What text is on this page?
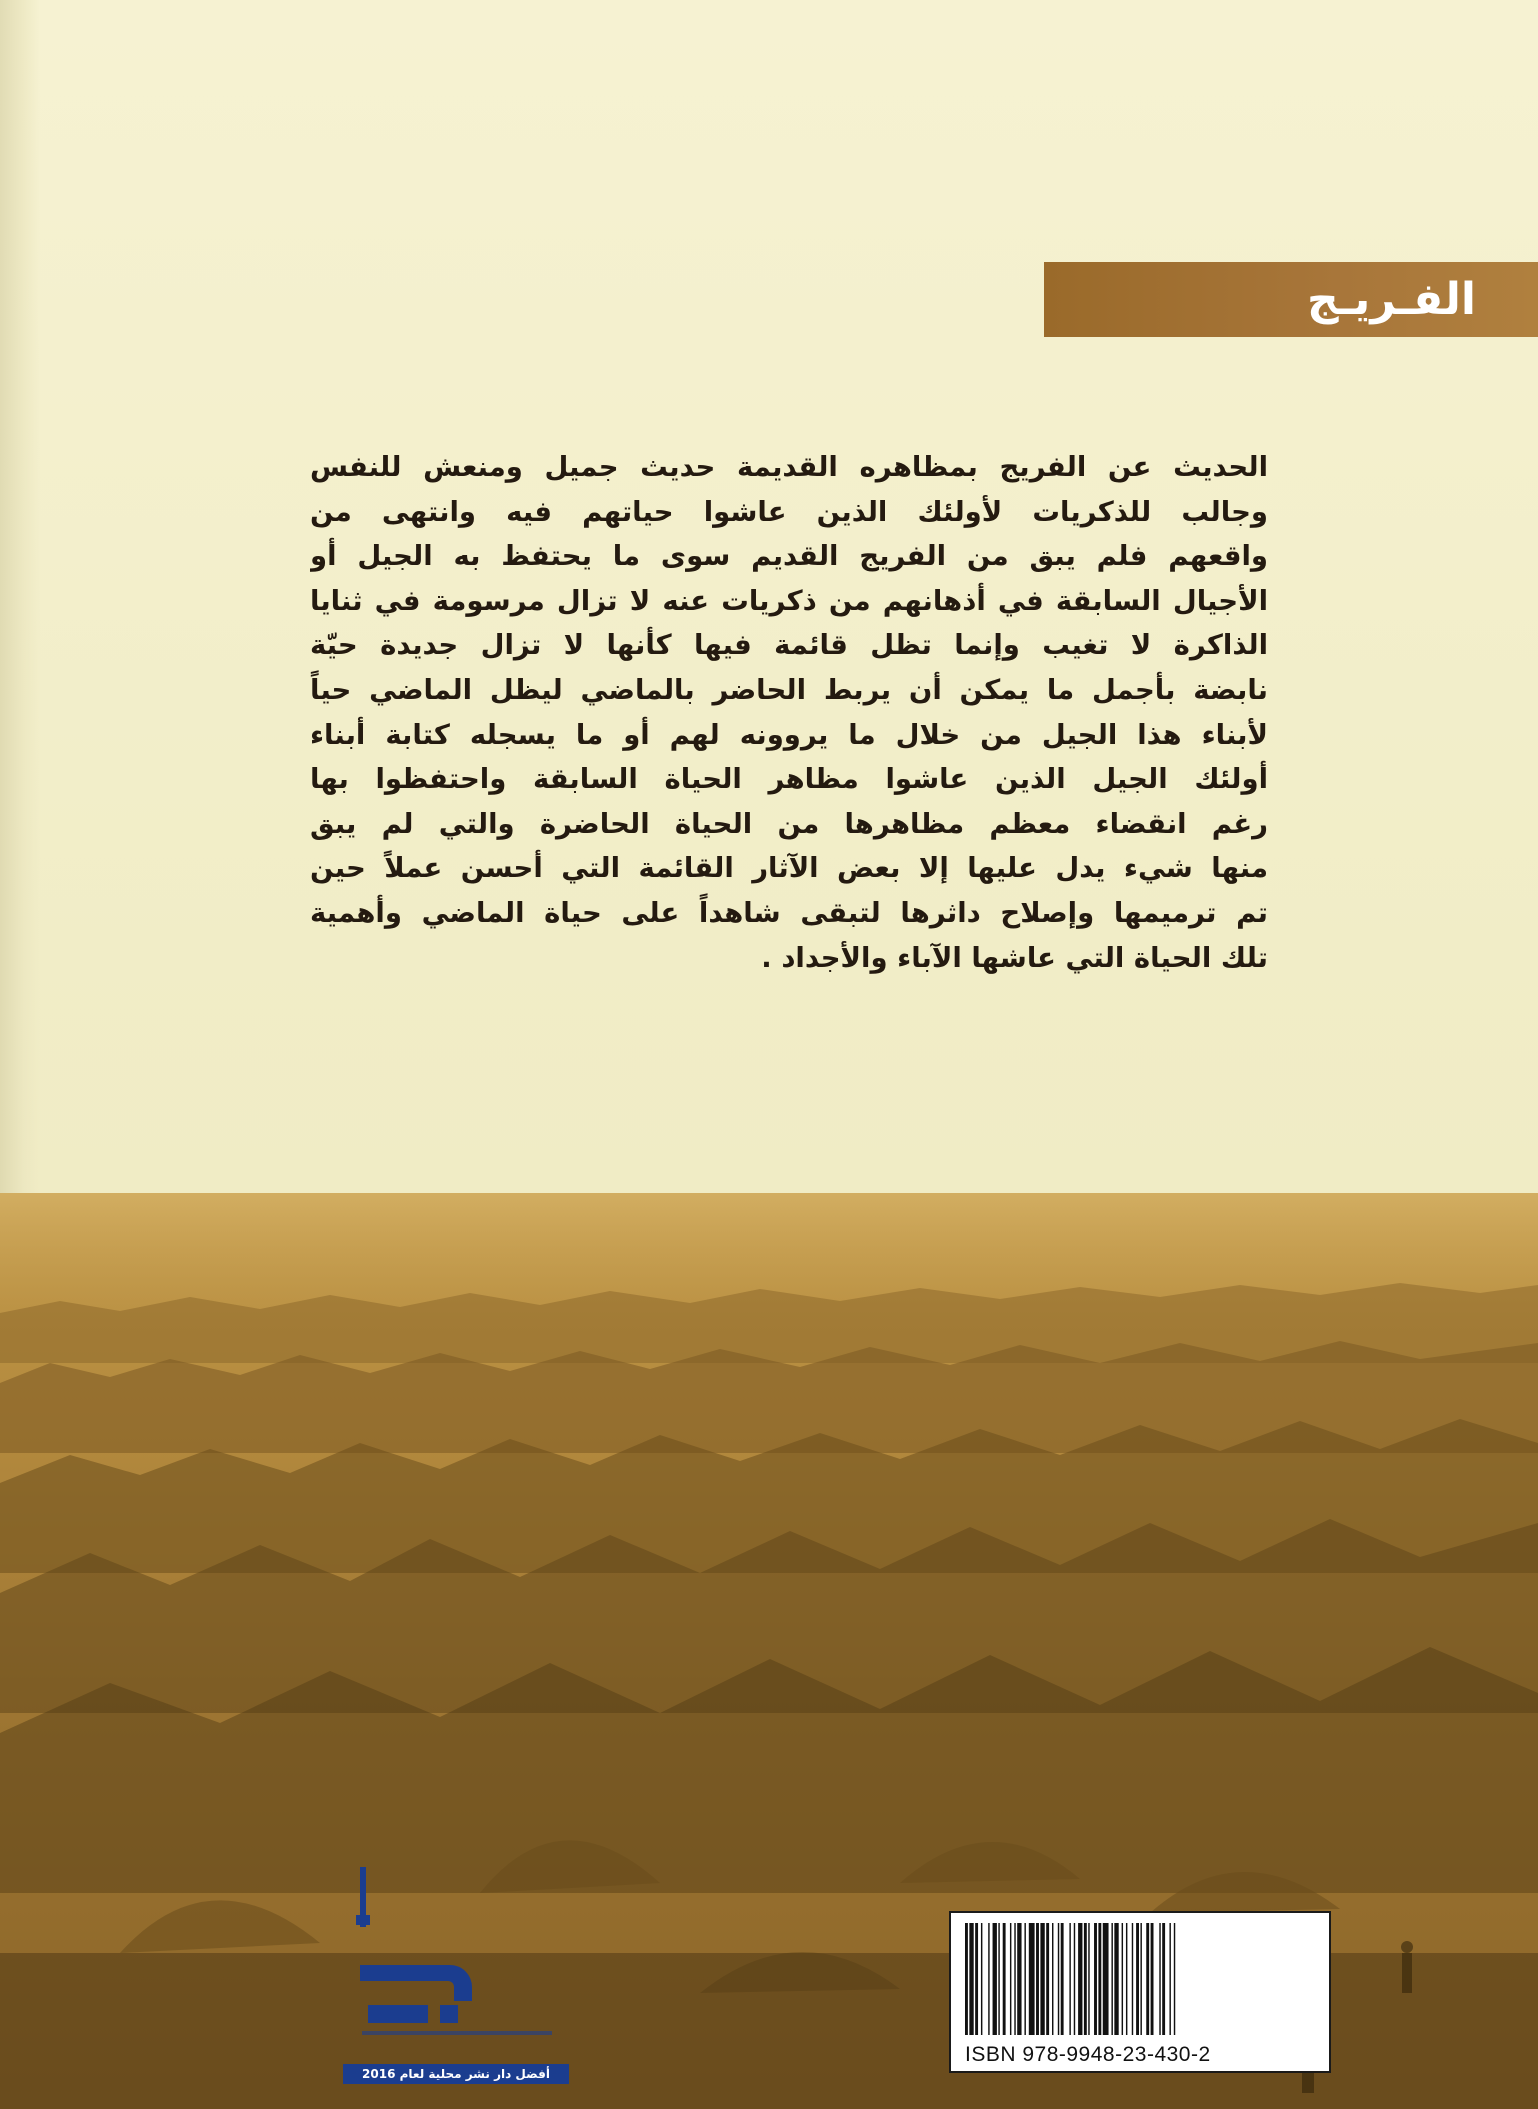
الفـريـج

الحديث عن الفريج بمظاهره القديمة حديث جميل ومنعش للنفس
وجالب للذكريات لأولئك الذين عاشوا حياتهم فيه وانتهى من
واقعهم فلم يبق من الفريج القديم سوى ما يحتفظ به الجيل أو
الأجيال السابقة في أذهانهم من ذكريات عنه لا تزال مرسومة في ثنايا
الذاكرة لا تغيب وإنما تظل قائمة فيها كأنها لا تزال جديدة حيّة
نابضة بأجمل ما يمكن أن يربط الحاضر بالماضي ليظل الماضي حياً
لأبناء هذا الجيل من خلال ما يروونه لهم أو ما يسجله كتابة أبناء
أولئك الجيل الذين عاشوا مظاهر الحياة السابقة واحتفظوا بها
رغم انقضاء معظم مظاهرها من الحياة الحاضرة والتي لم يبق
منها شيء يدل عليها إلا بعض الآثار القائمة التي أحسن عملاً حين
تم ترميمها وإصلاح داثرها لتبقى شاهداً على حياة الماضي وأهمية
تلك الحياة التي عاشها الآباء والأجداد .

أفضل دار نشر محلية لعام 2016
ISBN 978-9948-23-430-2
